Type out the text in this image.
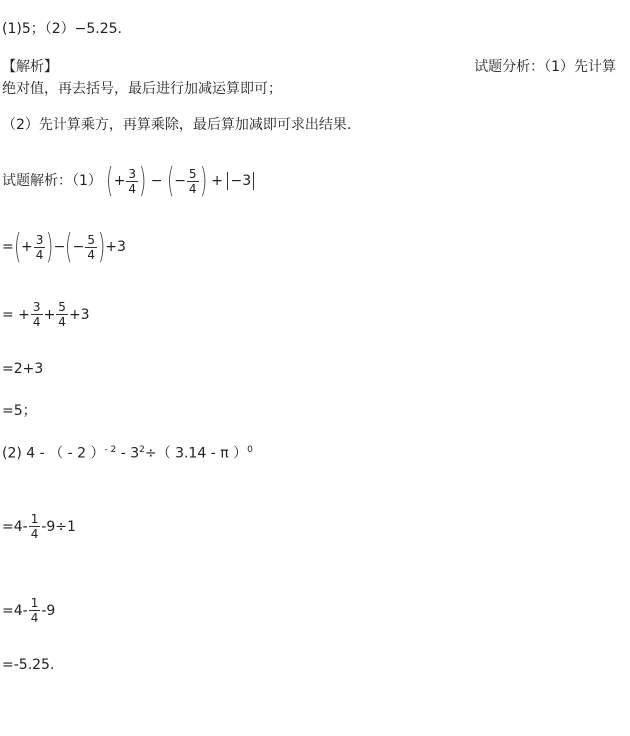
(1)5；（2）−5.25.
【解析】	试题分析：（1）先计算
绝对值，再去括号，最后进行加减运算即可；
（2）先计算乘方，再算乘除，最后算加减即可求出结果.
试题解析：（1） (+ $\frac{3}{4}$ ) − (− $\frac{5}{4}$ ) + −3
=(+ $\frac{3}{4}$ )−(− $\frac{5}{4} )+3$
= + $\frac{3}{4} + \frac{5}{4} +3$
=2+3
=5；
(2) 4 - （ - 2 ）$^{- 2} - 3^2\div$（ 3.14 - π ）$^0$
$=4- \frac{1}{4} -9\div 1$
$=4- \frac{1}{4} -9$
=-5.25.
